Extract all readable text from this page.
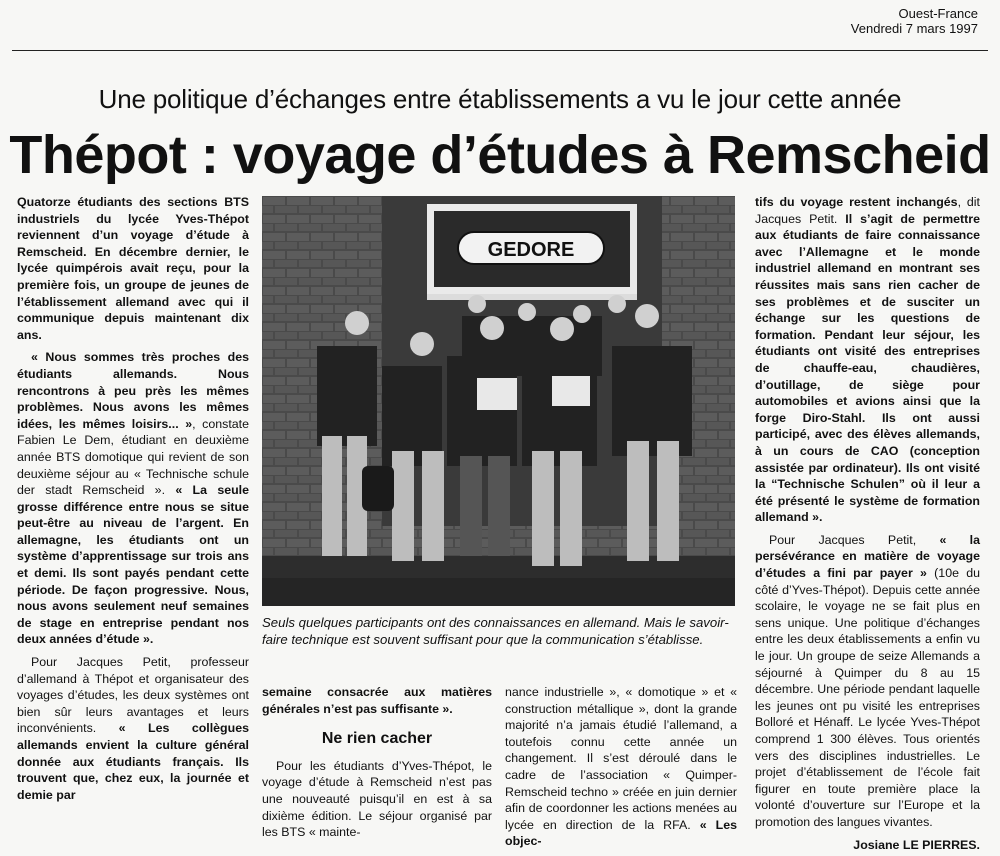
Ouest-France
Vendredi 7 mars 1997
Une politique d’échanges entre établissements a vu le jour cette année
Thépot : voyage d’études à Remscheid

Quatorze étudiants des sections BTS industriels du lycée Yves-Thépot reviennent d’un voyage d’étude à Remscheid. En décembre dernier, le lycée quimpérois avait reçu, pour la première fois, un groupe de jeunes de l’établissement allemand avec qui il communique depuis maintenant dix ans.

« Nous sommes très proches des étudiants allemands. Nous rencontrons à peu près les mêmes problèmes. Nous avons les mêmes idées, les mêmes loisirs... », constate Fabien Le Dem, étudiant en deuxième année BTS domotique qui revient de son deuxième séjour au « Technische schule der stadt Remscheid ». « La seule grosse différence entre nous se situe peut-être au niveau de l’argent. En allemagne, les étudiants ont un système d’apprentissage sur trois ans et demi. Ils sont payés pendant cette période. De façon progressive. Nous, nous avons seulement neuf semaines de stage en entreprise pendant nos deux années d’étude ».

Pour Jacques Petit, professeur d’allemand à Thépot et organisateur des voyages d’études, les deux systèmes ont bien sûr leurs avantages et leurs inconvénients. « Les collègues allemands envient la culture général donnée aux étudiants français. Ils trouvent que, chez eux, la journée et demie par

GEDORE
Seuls quelques participants ont des connaissances en allemand. Mais le savoir-faire technique est souvent suffisant pour que la communication s’établisse.

semaine consacrée aux matières générales n’est pas suffisante ».

Ne rien cacher

Pour les étudiants d’Yves-Thépot, le voyage d’étude à Remscheid n’est pas une nouveauté puisqu’il en est à sa dixième édition. Le séjour organisé par les BTS « mainte-

nance industrielle », « domotique » et « construction métallique », dont la grande majorité n’a jamais étudié l’allemand, a toutefois connu cette année un changement. Il s’est déroulé dans le cadre de l’association « Quimper-Remscheid techno » créée en juin dernier afin de coordonner les actions menées au lycée en direction de la RFA. « Les objec-

tifs du voyage restent inchangés, dit Jacques Petit. Il s’agit de permettre aux étudiants de faire connaissance avec l’Allemagne et le monde industriel allemand en montrant ses réussites mais sans rien cacher de ses problèmes et de susciter un échange sur les questions de formation. Pendant leur séjour, les étudiants ont visité des entreprises de chauffe-eau, chaudières, d’outillage, de siège pour automobiles et avions ainsi que la forge Diro-Stahl. Ils ont aussi participé, avec des élèves allemands, à un cours de CAO (conception assistée par ordinateur). Ils ont visité la “Technische Schulen” où il leur a été présenté le système de formation allemand ».

Pour Jacques Petit, « la persévérance en matière de voyage d’études a fini par payer » (10e du côté d’Yves-Thépot). Depuis cette année scolaire, le voyage ne se fait plus en sens unique. Une politique d’échanges entre les deux établissements a enfin vu le jour. Un groupe de seize Allemands a séjourné à Quimper du 8 au 15 décembre. Une période pendant laquelle les jeunes ont pu visité les entreprises Bolloré et Hénaff. Le lycée Yves-Thépot comprend 1 300 élèves. Tous orientés vers des disciplines industrielles. Le projet d’établissement de l’école fait figurer en toute première place la volonté d’ouverture sur l’Europe et la promotion des langues vivantes.

Josiane LE PIERRES.
